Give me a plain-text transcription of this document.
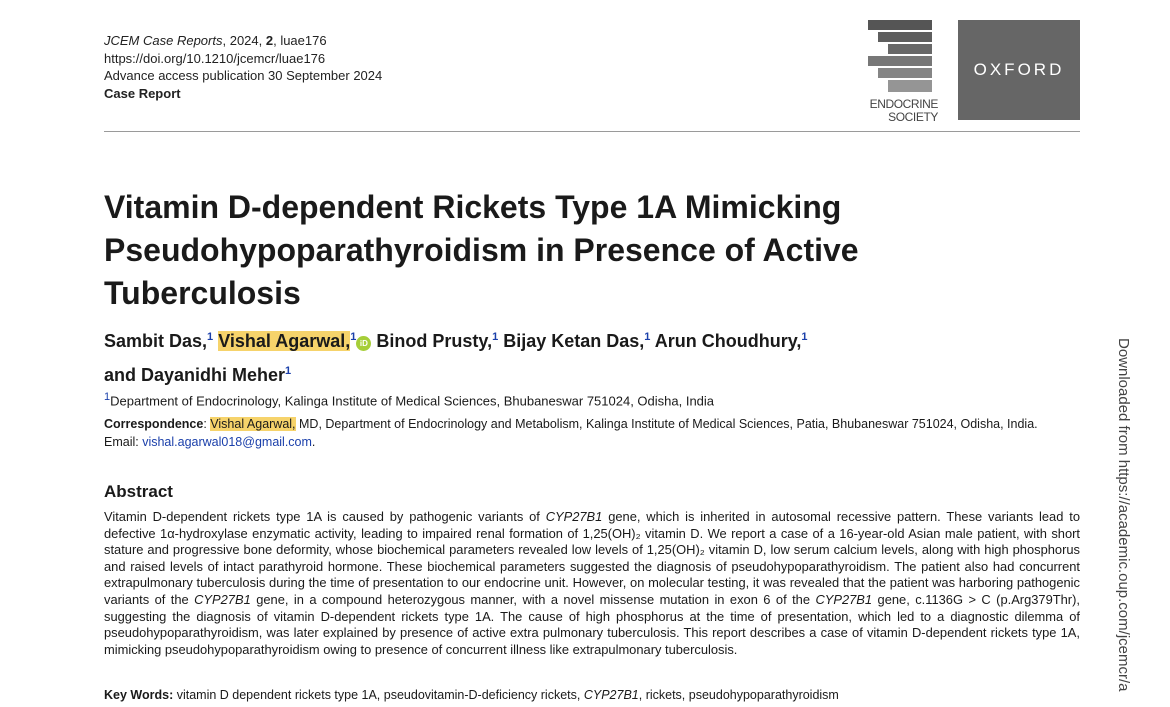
JCEM Case Reports, 2024, 2, luae176
https://doi.org/10.1210/jcemcr/luae176
Advance access publication 30 September 2024
Case Report
ENDOCRINE
SOCIETY
OXFORD
Vitamin D-dependent Rickets Type 1A Mimicking Pseudohypoparathyroidism in Presence of Active Tuberculosis
Sambit Das,$^1$ Vishal Agarwal,$^1$iD Binod Prusty,$^1$ Bijay Ketan Das,$^1$ Arun Choudhury,$^1$
and Dayanidhi Meher$^1$
$^1$Department of Endocrinology, Kalinga Institute of Medical Sciences, Bhubaneswar 751024, Odisha, India
Correspondence: Vishal Agarwal, MD, Department of Endocrinology and Metabolism, Kalinga Institute of Medical Sciences, Patia, Bhubaneswar 751024, Odisha, India. Email: vishal.agarwal018@gmail.com.
Abstract

Vitamin D-dependent rickets type 1A is caused by pathogenic variants of CYP27B1 gene, which is inherited in autosomal recessive pattern. These variants lead to defective 1α-hydroxylase enzymatic activity, leading to impaired renal formation of 1,25(OH)₂ vitamin D. We report a case of a 16-year-old Asian male patient, with short stature and progressive bone deformity, whose biochemical parameters revealed low levels of 1,25(OH)₂ vitamin D, low serum calcium levels, along with high phosphorus and raised levels of intact parathyroid hormone. These biochemical parameters suggested the diagnosis of pseudohypoparathyroidism. The patient also had concurrent extrapulmonary tuberculosis during the time of presentation to our endocrine unit. However, on molecular testing, it was revealed that the patient was harboring pathogenic variants of the CYP27B1 gene, in a compound heterozygous manner, with a novel missense mutation in exon 6 of the CYP27B1 gene, c.1136G > C (p.Arg379Thr), suggesting the diagnosis of vitamin D-dependent rickets type 1A. The cause of high phosphorus at the time of presentation, which led to a diagnostic dilemma of pseudohypoparathyroidism, was later explained by presence of active extra pulmonary tuberculosis. This report describes a case of vitamin D-dependent rickets type 1A, mimicking pseudohypoparathyroidism owing to presence of concurrent illness like extrapulmonary tuberculosis.

Key Words: vitamin D dependent rickets type 1A, pseudovitamin-D-deficiency rickets, CYP27B1, rickets, pseudohypoparathyroidism
Downloaded from https://academic.oup.com/jcemcr/a
